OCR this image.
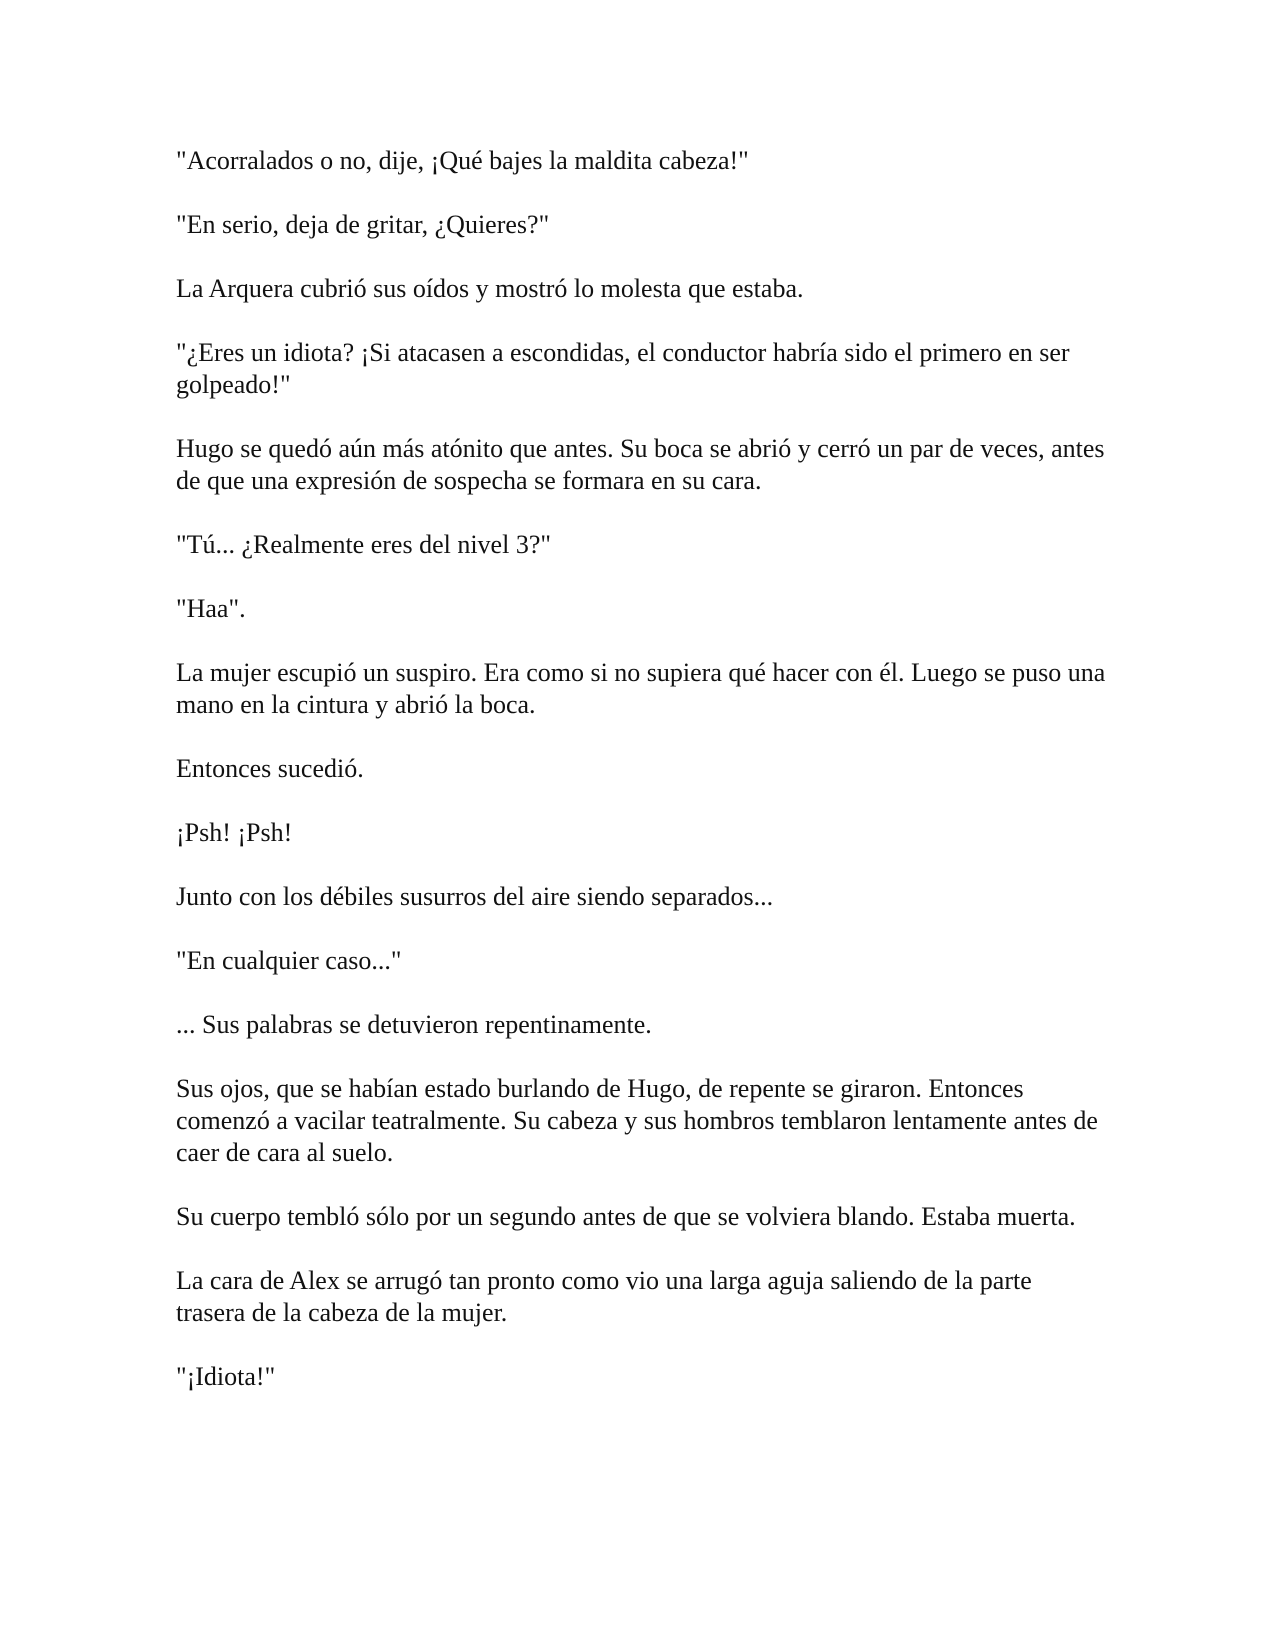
"Acorralados o no, dije, ¡Qué bajes la maldita cabeza!"

"En serio, deja de gritar, ¿Quieres?"

La Arquera cubrió sus oídos y mostró lo molesta que estaba.

"¿Eres un idiota? ¡Si atacasen a escondidas, el conductor habría sido el primero en ser golpeado!"

Hugo se quedó aún más atónito que antes. Su boca se abrió y cerró un par de veces, antes de que una expresión de sospecha se formara en su cara.

"Tú... ¿Realmente eres del nivel 3?"

"Haa".

La mujer escupió un suspiro. Era como si no supiera qué hacer con él. Luego se puso una mano en la cintura y abrió la boca.

Entonces sucedió.

¡Psh! ¡Psh!

Junto con los débiles susurros del aire siendo separados...

"En cualquier caso..."

... Sus palabras se detuvieron repentinamente.

Sus ojos, que se habían estado burlando de Hugo, de repente se giraron. Entonces comenzó a vacilar teatralmente. Su cabeza y sus hombros temblaron lentamente antes de caer de cara al suelo.

Su cuerpo tembló sólo por un segundo antes de que se volviera blando. Estaba muerta.

La cara de Alex se arrugó tan pronto como vio una larga aguja saliendo de la parte trasera de la cabeza de la mujer.

"¡Idiota!"
